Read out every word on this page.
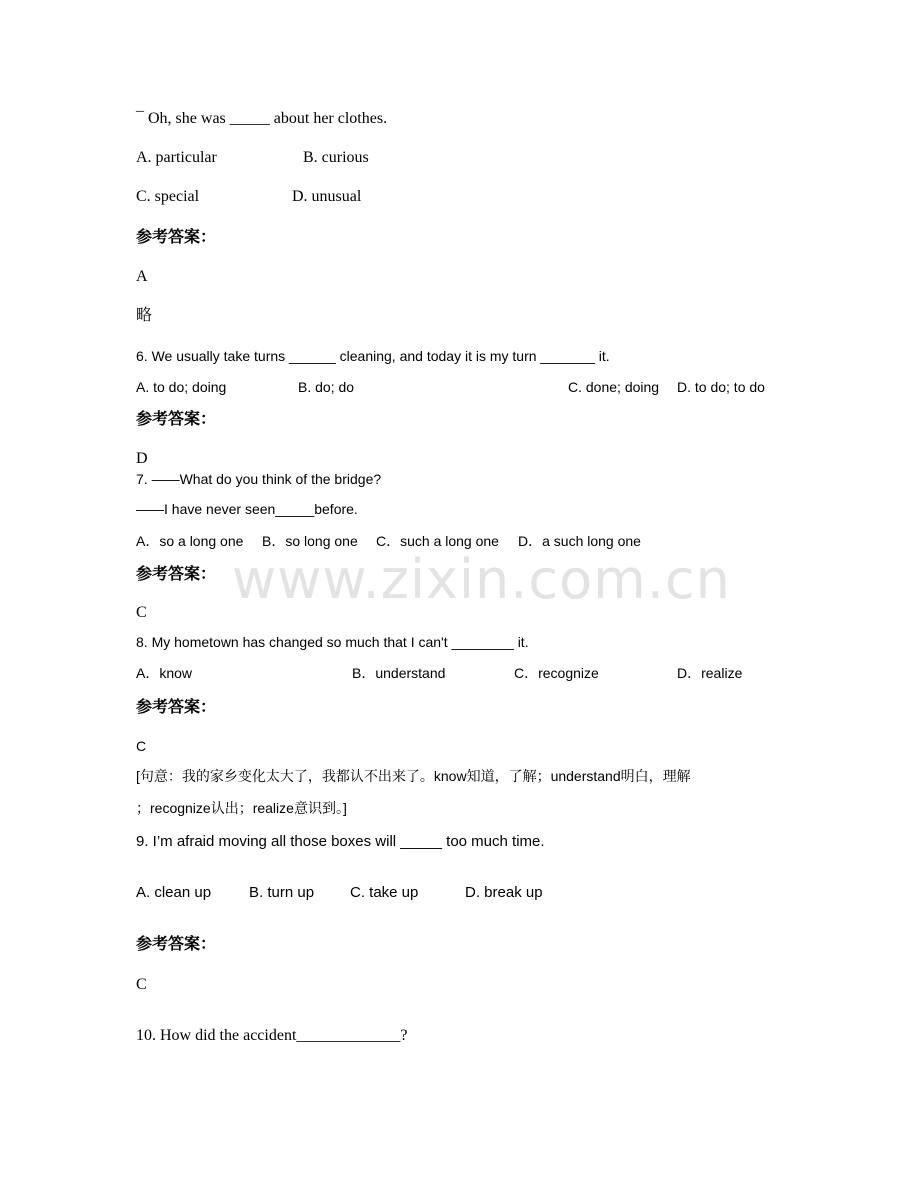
www.zixin.com.cn
¯ Oh, she was _____ about her clothes.
A. particular	B. curious
C. special	D. unusual
参考答案：
A
略
6. We usually take turns ______ cleaning, and today it is my turn _______ it.
A. to do; doing	B. do; do	C. done; doing D. to do; to do
参考答案：
D
7. ——What do you think of the bridge?
——I have never seen_____before.
A．so a long one B．so long one C．such a long one D．a such long one
参考答案：
C
8. My hometown has changed so much that I can't ________ it.
A．know	B．understand	C．recognize	D．realize
参考答案：
C
[句意：我的家乡变化太大了，我都认不出来了。know知道，了解；understand明白，理解
；recognize认出；realize意识到。]
9. I’m afraid moving all those boxes will _____ too much time.
A. clean up	B. turn up C. take up	D. break up
参考答案：
C
10. How did the accident_____________?
